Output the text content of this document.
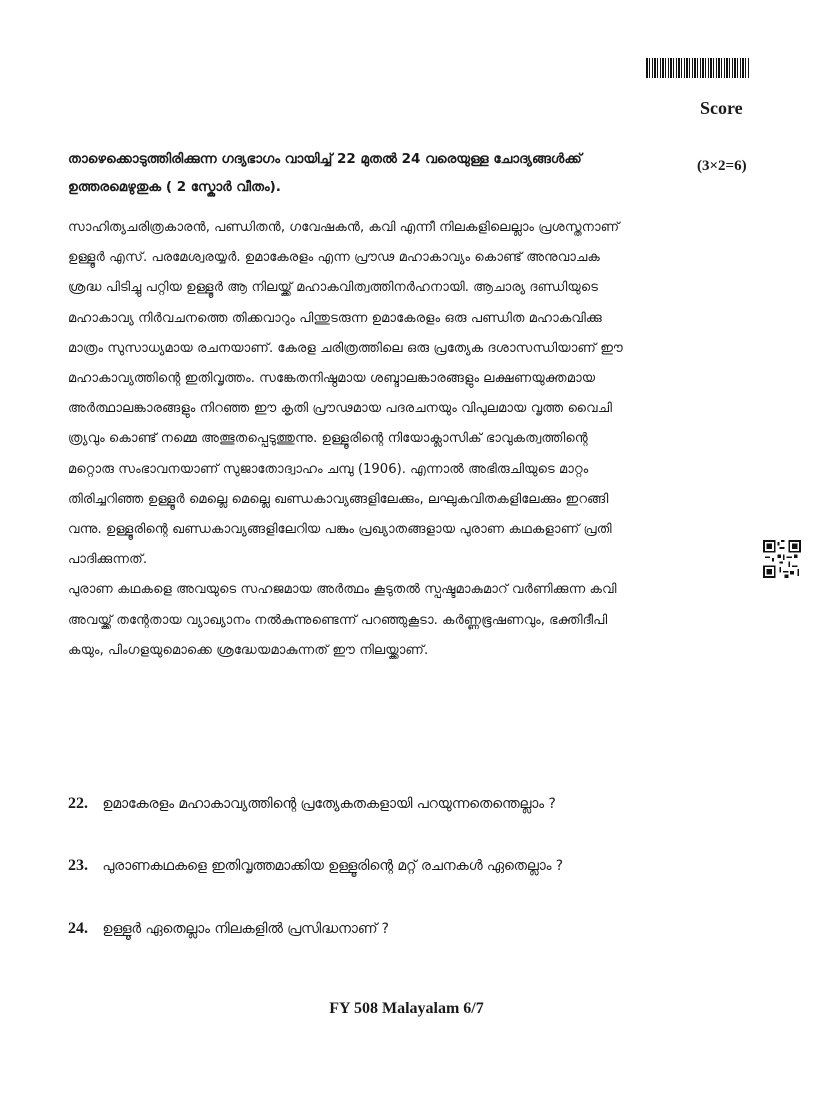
Score
താഴെക്കൊടുത്തിരിക്കുന്ന ഗദ്യഭാഗം വായിച്ച് 22 മുതൽ 24 വരെയുള്ള ചോദ്യങ്ങൾക്ക്
ഉത്തരമെഴുതുക ( 2 സ്കോർ വീതം).
(3×2=6)

സാഹിത്യചരിത്രകാരൻ, പണ്ഡിതൻ, ഗവേഷകൻ, കവി എന്നീ നിലകളിലെല്ലാം പ്രശസ്തനാണ്

ഉള്ളൂർ എസ്. പരമേശ്വരയ്യർ. ഉമാകേരളം എന്ന പ്രൗഢ മഹാകാവ്യം കൊണ്ട് അനുവാചക

ശ്രദ്ധ പിടിച്ചു പറ്റിയ ഉള്ളൂർ ആ നിലയ്ക്ക് മഹാകവിത്വത്തിനർഹനായി. ആചാര്യ ദണ്ഡിയുടെ

മഹാകാവ്യ നിർവചനത്തെ തിക്കവാറും പിന്തുടരുന്ന ഉമാകേരളം ഒരു പണ്ഡിത മഹാകവിക്കു

മാത്രം സുസാധ്യമായ രചനയാണ്. കേരള ചരിത്രത്തിലെ ഒരു പ്രത്യേക ദശാസന്ധിയാണ് ഈ

മഹാകാവ്യത്തിന്റെ ഇതിവൃത്തം. സങ്കേതനിഷ്ഠമായ ശബ്ദാലങ്കാരങ്ങളും ലക്ഷണയുക്തമായ

അർത്ഥാലങ്കാരങ്ങളും നിറഞ്ഞ ഈ കൃതി പ്രൗഢമായ പദരചനയും വിപുലമായ വൃത്ത വൈചി

ത്ര്യവും കൊണ്ട് നമ്മെ അത്ഭുതപ്പെടുത്തുന്നു. ഉള്ളൂരിന്റെ നിയോക്ലാസിക് ഭാവുകത്വത്തിന്റെ

മറ്റൊരു സംഭാവനയാണ് സുജാതോദ്വാഹം ചമ്പു (1906). എന്നാൽ അഭിരുചിയുടെ മാറ്റം

തിരിച്ചറിഞ്ഞ ഉള്ളൂർ മെല്ലെ മെല്ലെ ഖണ്ഡകാവ്യങ്ങളിലേക്കും, ലഘുകവിതകളിലേക്കും ഇറങ്ങി

വന്നു. ഉള്ളൂരിന്റെ ഖണ്ഡകാവ്യങ്ങളിലേറിയ പങ്കും പ്രഖ്യാതങ്ങളായ പുരാണ കഥകളാണ് പ്രതി

പാദിക്കുന്നത്.

പുരാണ കഥകളെ അവയുടെ സഹജമായ അർത്ഥം കൂടുതൽ സ്പഷ്ടമാകുമാറ് വർണിക്കുന്ന കവി

അവയ്ക്ക് തന്റേതായ വ്യാഖ്യാനം നൽകുന്നുണ്ടെന്ന് പറഞ്ഞുകൂടാ. കർണ്ണഭൂഷണവും, ഭക്തിദീപി

കയും, പിംഗളയുമൊക്കെ ശ്രദ്ധേയമാകുന്നത് ഈ നിലയ്ക്കാണ്.

22. ഉമാകേരളം മഹാകാവ്യത്തിന്റെ പ്രത്യേകതകളായി പറയുന്നതെന്തെല്ലാം ?
23. പുരാണകഥകളെ ഇതിവൃത്തമാക്കിയ ഉള്ളൂരിന്റെ മറ്റ് രചനകൾ ഏതെല്ലാം ?
24. ഉള്ളൂർ ഏതെല്ലാം നിലകളിൽ പ്രസിദ്ധനാണ് ?
FY 508 Malayalam 6/7
